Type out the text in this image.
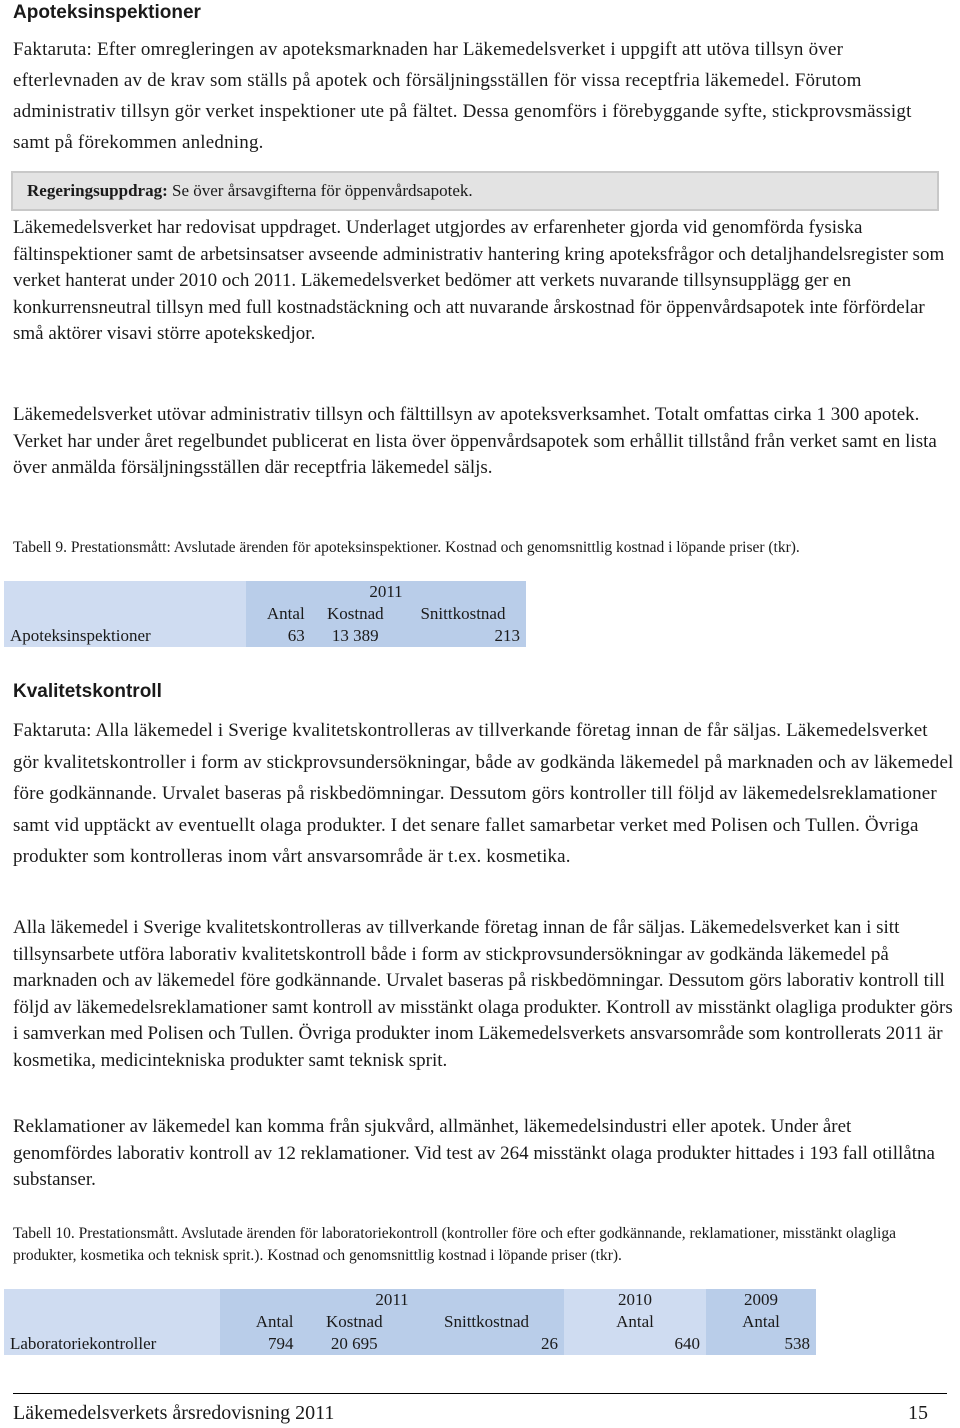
Apoteksinspektioner

Faktaruta: Efter omregleringen av apoteksmarknaden har Läkemedelsverket i uppgift att utöva tillsyn över efterlevnaden av de krav som ställs på apotek och försäljningsställen för vissa receptfria läkemedel. Förutom administrativ tillsyn gör verket inspektioner ute på fältet. Dessa genomförs i förebyggande syfte, stickprovsmässigt samt på förekommen anledning.

Regeringsuppdrag: Se över årsavgifterna för öppenvårdsapotek.

Läkemedelsverket har redovisat uppdraget. Underlaget utgjordes av erfarenheter gjorda vid genomförda fysiska fältinspektioner samt de arbetsinsatser avseende administrativ hantering kring apoteksfrågor och detaljhandelsregister som verket hanterat under 2010 och 2011. Läkemedelsverket bedömer att verkets nuvarande tillsynsupplägg ger en konkurrensneutral tillsyn med full kostnadstäckning och att nuvarande årskostnad för öppenvårdsapotek inte förfördelar små aktörer visavi större apotekskedjor.

Läkemedelsverket utövar administrativ tillsyn och fälttillsyn av apoteksverksamhet. Totalt omfattas cirka 1 300 apotek. Verket har under året regelbundet publicerat en lista över öppenvårdsapotek som erhållit tillstånd från verket samt en lista över anmälda försäljningsställen där receptfria läkemedel säljs.

Tabell 9. Prestationsmått: Avslutade ärenden för apoteksinspektioner. Kostnad och genomsnittlig kostnad i löpande priser (tkr).

	2011		
	Antal	Kostnad	Snittkostnad
Apoteksinspektioner	63	13 389	213
Kvalitetskontroll

Faktaruta: Alla läkemedel i Sverige kvalitetskontrolleras av tillverkande företag innan de får säljas. Läkemedelsverket gör kvalitetskontroller i form av stickprovsundersökningar, både av godkända läkemedel på marknaden och av läkemedel före godkännande. Urvalet baseras på riskbedömningar. Dessutom görs kontroller till följd av läkemedelsreklamationer samt vid upptäckt av eventuellt olaga produkter. I det senare fallet samarbetar verket med Polisen och Tullen. Övriga produkter som kontrolleras inom vårt ansvarsområde är t.ex. kosmetika.

Alla läkemedel i Sverige kvalitetskontrolleras av tillverkande företag innan de får säljas. Läkemedelsverket kan i sitt tillsynsarbete utföra laborativ kvalitetskontroll både i form av stickprovsundersökningar av godkända läkemedel på marknaden och av läkemedel före godkännande. Urvalet baseras på riskbedömningar. Dessutom görs laborativ kontroll till följd av läkemedelsreklamationer samt kontroll av misstänkt olaga produkter. Kontroll av misstänkt olagliga produkter görs i samverkan med Polisen och Tullen. Övriga produkter inom Läkemedelsverkets ansvarsområde som kontrollerats 2011 är kosmetika, medicintekniska produkter samt teknisk sprit.

Reklamationer av läkemedel kan komma från sjukvård, allmänhet, läkemedelsindustri eller apotek. Under året genomfördes laborativ kontroll av 12 reklamationer. Vid test av 264 misstänkt olaga produkter hittades i 193 fall otillåtna substanser.

Tabell 10. Prestationsmått. Avslutade ärenden för laboratoriekontroll (kontroller före och efter godkännande, reklamationer, misstänkt olagliga produkter, kosmetika och teknisk sprit.). Kostnad och genomsnittlig kostnad i löpande priser (tkr).

	2011			2010	2009
	Antal	Kostnad	Snittkostnad	Antal	Antal
Laboratoriekontroller	794	20 695	26	640	538
Läkemedelsverkets årsredovisning 2011	15
